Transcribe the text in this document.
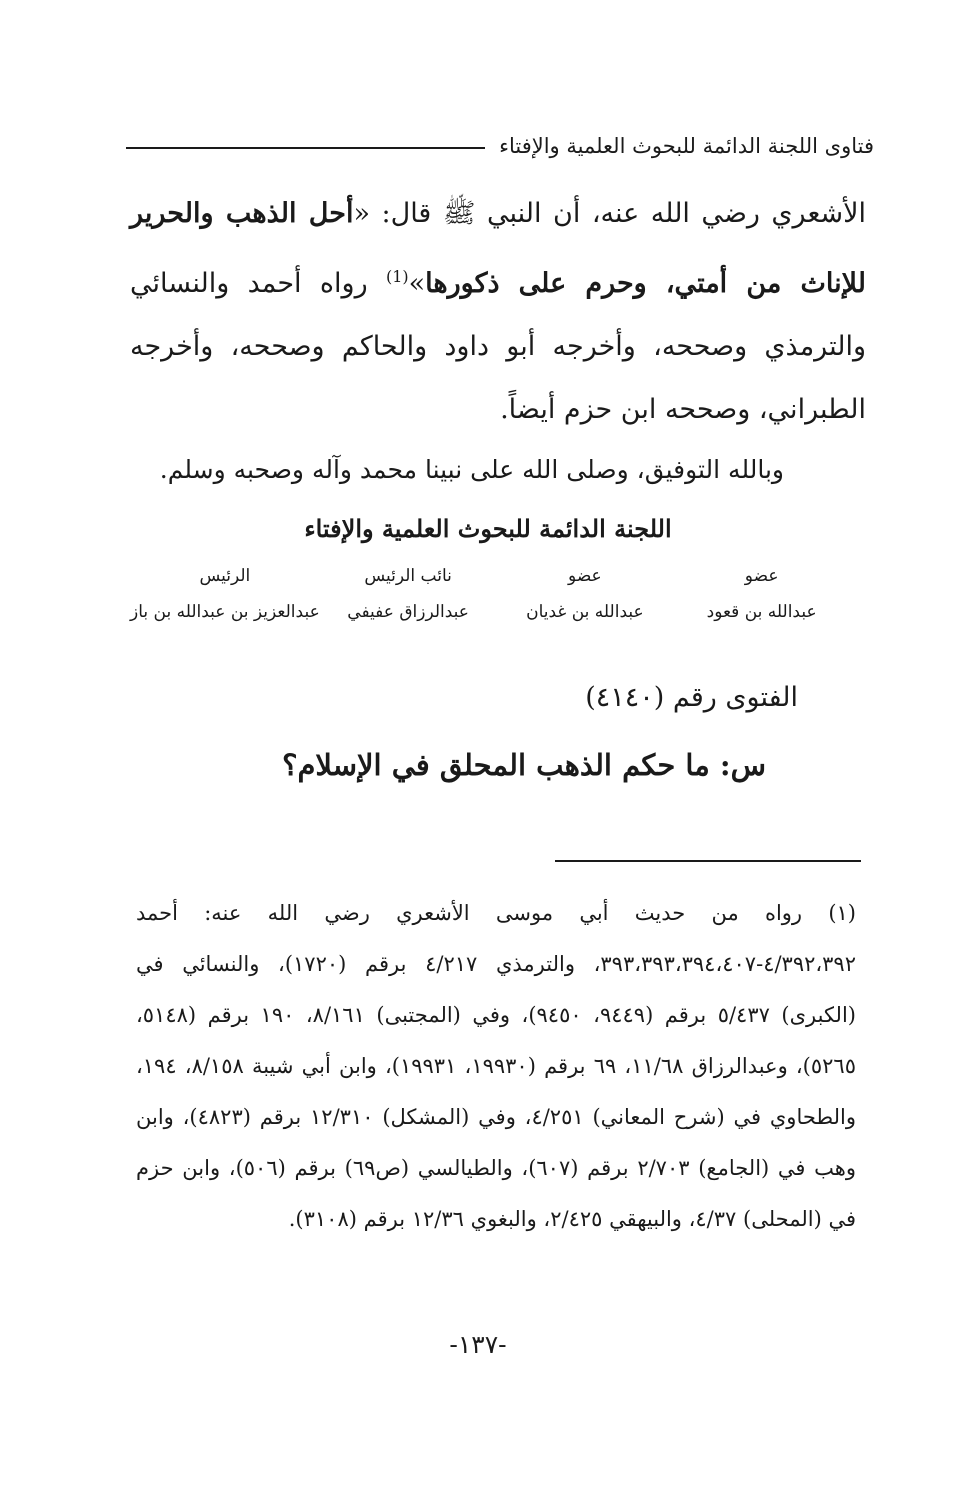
فتاوى اللجنة الدائمة للبحوث العلمية والإفتاء
الأشعري رضي الله عنه، أن النبي ﷺ قال: «أحل الذهب والحرير للإناث من أمتي، وحرم على ذكورها»$^{(1)}$ رواه أحمد والنسائي والترمذي وصححه، وأخرجه أبو داود والحاكم وصححه، وأخرجه الطبراني، وصححه ابن حزم أيضاً.
وبالله التوفيق، وصلى الله على نبينا محمد وآله وصحبه وسلم.
اللجنة الدائمة للبحوث العلمية والإفتاء
عضو
عبدالله بن قعود
عضو
عبدالله بن غديان
نائب الرئيس
عبدالرزاق عفيفي
الرئيس
عبدالعزيز بن عبدالله بن باز
الفتوى رقم (٤١٤٠)
س: ما حكم الذهب المحلق في الإسلام؟
(١) رواه من حديث أبي موسى الأشعري رضي الله عنه: أحمد ٤/٣٩٢،٣٩٢-٣٩٣،٣٩٣،٣٩٤،٤٠٧، والترمذي ٤/٢١٧ برقم (١٧٢٠)، والنسائي في (الكبرى) ٥/٤٣٧ برقم (٩٤٤٩، ٩٤٥٠)، وفي (المجتبى) ٨/١٦١، ١٩٠ برقم (٥١٤٨، ٥٢٦٥)، وعبدالرزاق ١١/٦٨، ٦٩ برقم (١٩٩٣٠، ١٩٩٣١)، وابن أبي شيبة ٨/١٥٨، ١٩٤، والطحاوي في (شرح المعاني) ٤/٢٥١، وفي (المشكل) ١٢/٣١٠ برقم (٤٨٢٣)، وابن وهب في (الجامع) ٢/٧٠٣ برقم (٦٠٧)، والطيالسي (ص٦٩) برقم (٥٠٦)، وابن حزم في (المحلى) ٤/٣٧، والبيهقي ٢/٤٢٥، والبغوي ١٢/٣٦ برقم (٣١٠٨).
-١٣٧-
